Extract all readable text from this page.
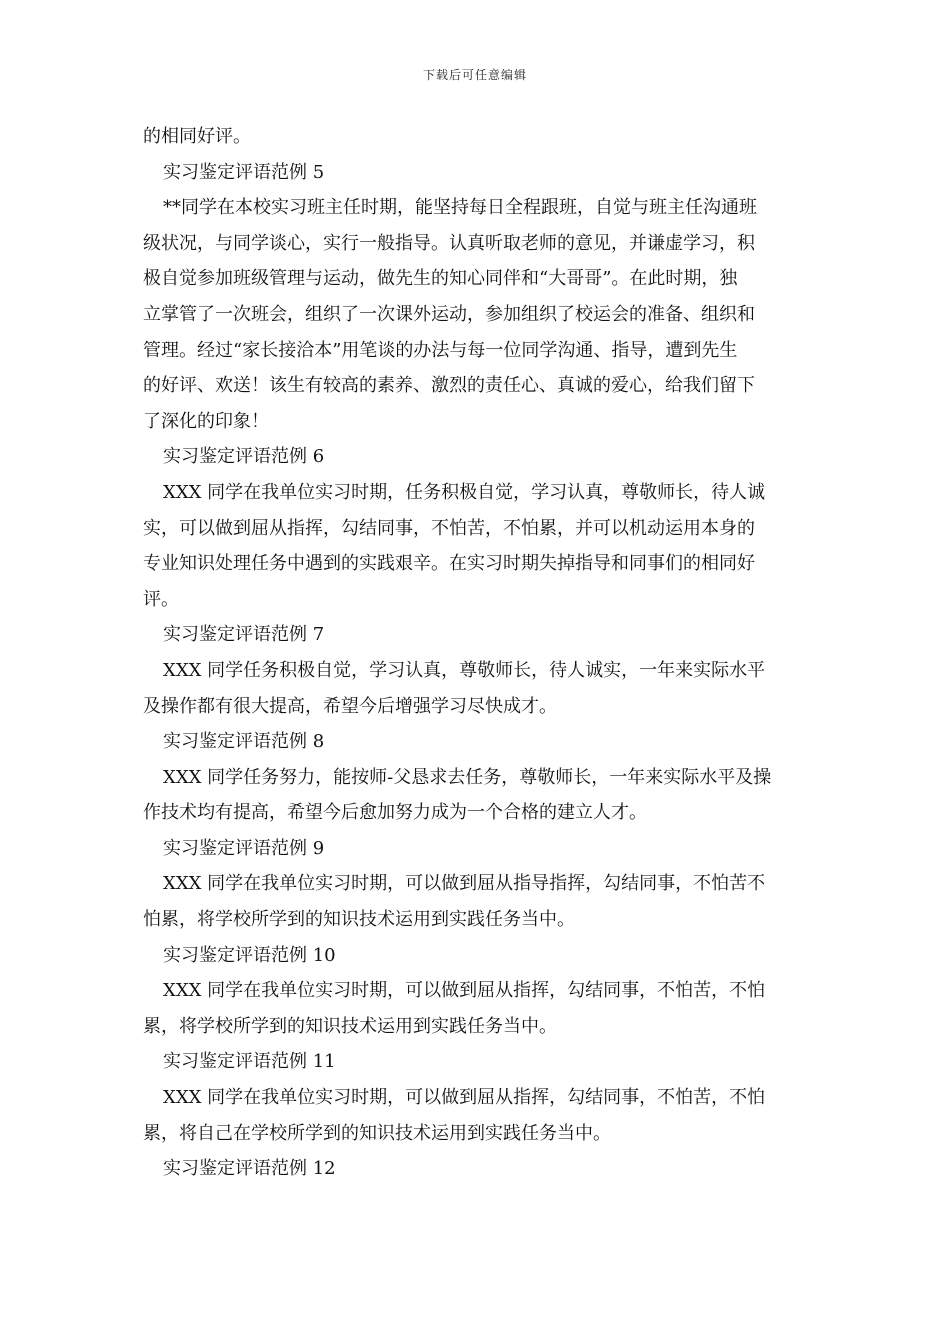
下载后可任意编辑
的相同好评。
实习鉴定评语范例 5
**同学在本校实习班主任时期，能坚持每日全程跟班，自觉与班主任沟通班
级状况，与同学谈心，实行一般指导。认真听取老师的意见，并谦虚学习，积
极自觉参加班级管理与运动，做先生的知心同伴和“大哥哥”。在此时期，独
立掌管了一次班会，组织了一次课外运动，参加组织了校运会的准备、组织和
管理。经过“家长接洽本”用笔谈的办法与每一位同学沟通、指导，遭到先生
的好评、欢送！该生有较高的素养、激烈的责任心、真诚的爱心，给我们留下
了深化的印象！
实习鉴定评语范例 6
XXX 同学在我单位实习时期，任务积极自觉，学习认真，尊敬师长，待人诚
实，可以做到屈从指挥，勾结同事，不怕苦，不怕累，并可以机动运用本身的
专业知识处理任务中遇到的实践艰辛。在实习时期失掉指导和同事们的相同好
评。
实习鉴定评语范例 7
XXX 同学任务积极自觉，学习认真，尊敬师长，待人诚实，一年来实际水平
及操作都有很大提高，希望今后增强学习尽快成才。
实习鉴定评语范例 8
XXX 同学任务努力，能按师-父恳求去任务，尊敬师长，一年来实际水平及操
作技术均有提高，希望今后愈加努力成为一个合格的建立人才。
实习鉴定评语范例 9
XXX 同学在我单位实习时期，可以做到屈从指导指挥，勾结同事，不怕苦不
怕累，将学校所学到的知识技术运用到实践任务当中。
实习鉴定评语范例 10
XXX 同学在我单位实习时期，可以做到屈从指挥，勾结同事，不怕苦，不怕
累，将学校所学到的知识技术运用到实践任务当中。
实习鉴定评语范例 11
XXX 同学在我单位实习时期，可以做到屈从指挥，勾结同事，不怕苦，不怕
累，将自己在学校所学到的知识技术运用到实践任务当中。
实习鉴定评语范例 12
